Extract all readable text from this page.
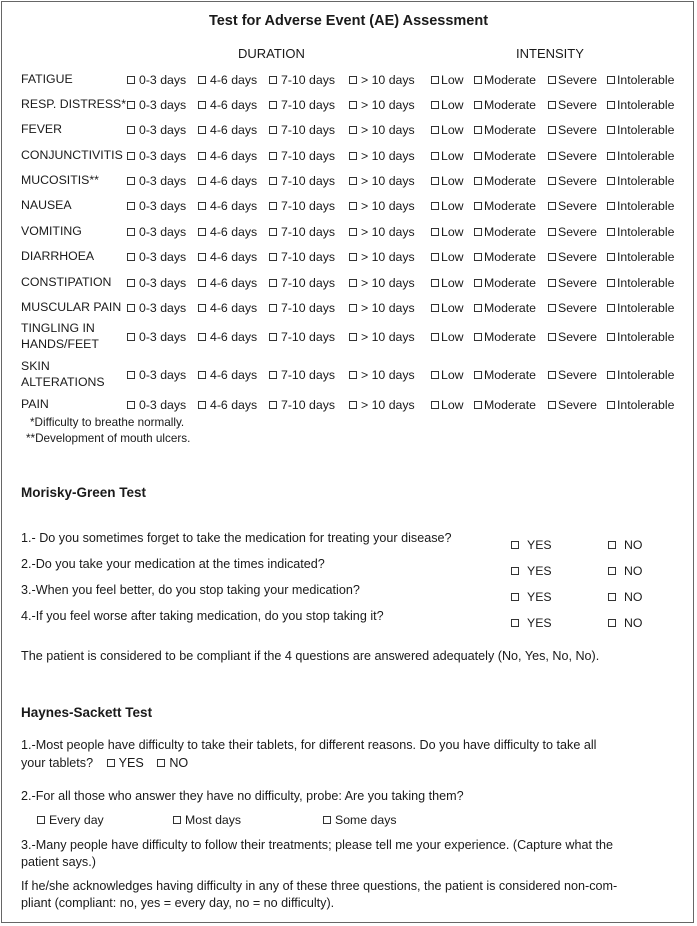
Test for Adverse Event (AE) Assessment
DURATION	INTENSITY
FATIGUE	0-3 days	4-6 days	7-10 days	> 10 days	Low	Moderate	Severe	Intolerable
RESP. DISTRESS*	0-3 days	4-6 days	7-10 days	> 10 days	Low	Moderate	Severe	Intolerable
FEVER	0-3 days	4-6 days	7-10 days	> 10 days	Low	Moderate	Severe	Intolerable
CONJUNCTIVITIS	0-3 days	4-6 days	7-10 days	> 10 days	Low	Moderate	Severe	Intolerable
MUCOSITIS**	0-3 days	4-6 days	7-10 days	> 10 days	Low	Moderate	Severe	Intolerable
NAUSEA	0-3 days	4-6 days	7-10 days	> 10 days	Low	Moderate	Severe	Intolerable
VOMITING	0-3 days	4-6 days	7-10 days	> 10 days	Low	Moderate	Severe	Intolerable
DIARRHOEA	0-3 days	4-6 days	7-10 days	> 10 days	Low	Moderate	Severe	Intolerable
CONSTIPATION	0-3 days	4-6 days	7-10 days	> 10 days	Low	Moderate	Severe	Intolerable
MUSCULAR PAIN	0-3 days	4-6 days	7-10 days	> 10 days	Low	Moderate	Severe	Intolerable
TINGLING IN
HANDS/FEET	0-3 days	4-6 days	7-10 days	> 10 days	Low	Moderate	Severe	Intolerable
SKIN
ALTERATIONS	0-3 days	4-6 days	7-10 days	> 10 days	Low	Moderate	Severe	Intolerable
PAIN	0-3 days	4-6 days	7-10 days	> 10 days	Low	Moderate	Severe	Intolerable
*Difficulty to breathe normally.
**Development of mouth ulcers.
Morisky-Green Test
1.- Do you sometimes forget to take the medication for treating your disease?	YES	NO
2.-Do you take your medication at the times indicated?	YES	NO
3.-When you feel better, do you stop taking your medication?	YES	NO
4.-If you feel worse after taking medication, do you stop taking it?	YES	NO
The patient is considered to be compliant if the 4 questions are answered adequately (No, Yes, No, No).
Haynes-Sackett Test
1.-Most people have difficulty to take their tablets, for different reasons. Do you have difficulty to take all
your tablets? YES NO
2.-For all those who answer they have no difficulty, probe: Are you taking them?
Every day	Most days	Some days
3.-Many people have difficulty to follow their treatments; please tell me your experience. (Capture what the
patient says.)
If he/she acknowledges having difficulty in any of these three questions, the patient is considered non-com-
pliant (compliant: no, yes = every day, no = no difficulty).
